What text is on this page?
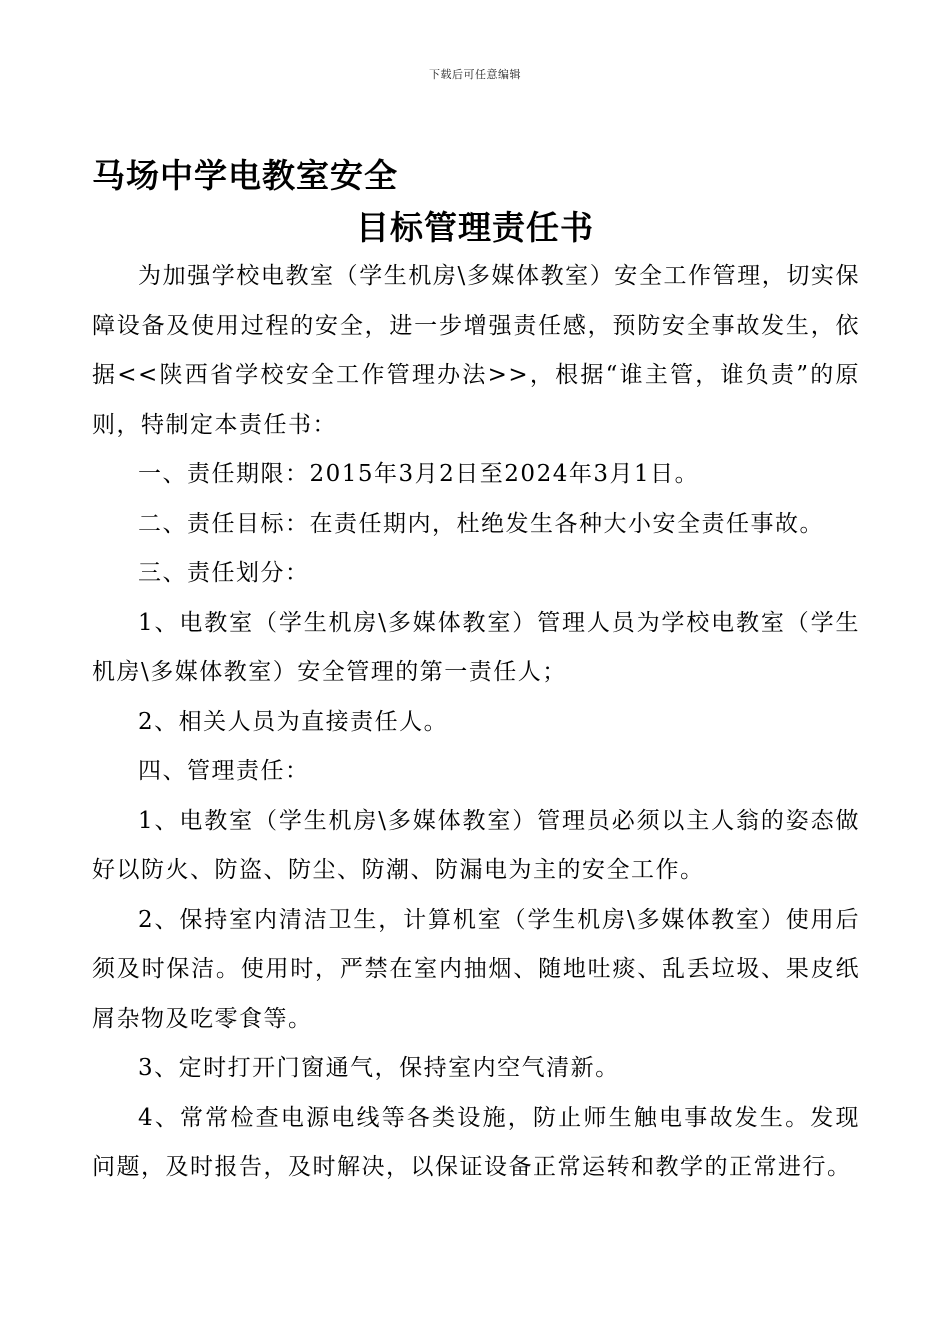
下载后可任意编辑
马场中学电教室安全
目标管理责任书

为加强学校电教室（学生机房\多媒体教室）安全工作管理，切实保障设备及使用过程的安全，进一步增强责任感，预防安全事故发生，依据<<陕西省学校安全工作管理办法>>，根据“谁主管，谁负责”的原则，特制定本责任书：

一、责任期限：2015年3月2日至2024年3月1日。

二、责任目标：在责任期内，杜绝发生各种大小安全责任事故。

三、责任划分：

1、电教室（学生机房\多媒体教室）管理人员为学校电教室（学生机房\多媒体教室）安全管理的第一责任人；

2、相关人员为直接责任人。

四、管理责任：

1、电教室（学生机房\多媒体教室）管理员必须以主人翁的姿态做好以防火、防盗、防尘、防潮、防漏电为主的安全工作。

2、保持室内清洁卫生，计算机室（学生机房\多媒体教室）使用后须及时保洁。使用时，严禁在室内抽烟、随地吐痰、乱丢垃圾、果皮纸屑杂物及吃零食等。

3、定时打开门窗通气，保持室内空气清新。

4、常常检查电源电线等各类设施，防止师生触电事故发生。发现问题，及时报告，及时解决，以保证设备正常运转和教学的正常进行。
